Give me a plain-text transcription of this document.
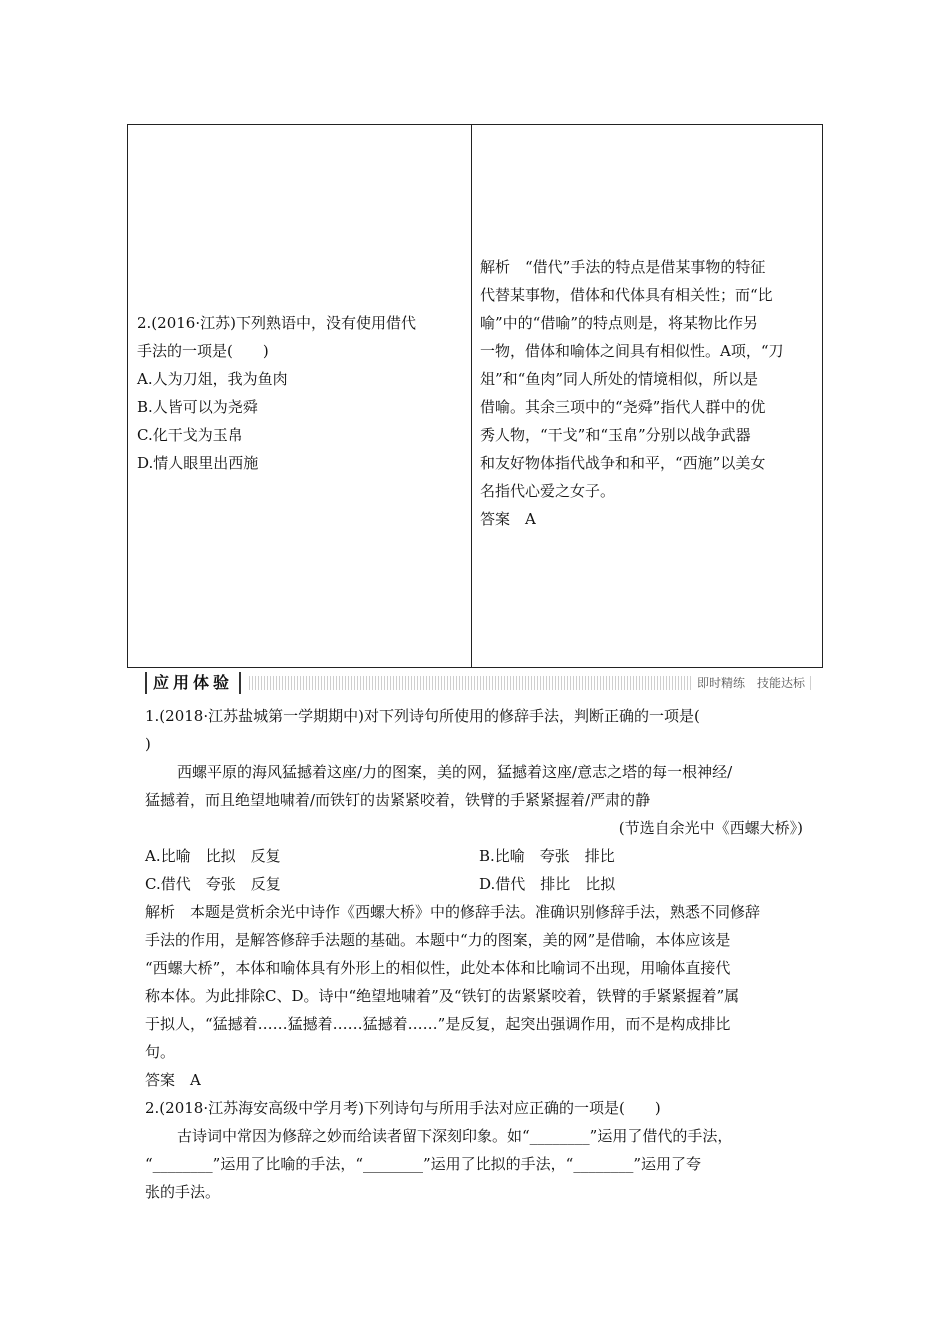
2.(2016·江苏)下列熟语中，没有使用借代
手法的一项是(　　)
A.人为刀俎，我为鱼肉
B.人皆可以为尧舜
C.化干戈为玉帛
D.情人眼里出西施
解析　“借代”手法的特点是借某事物的特征
代替某事物，借体和代体具有相关性；而“比
喻”中的“借喻”的特点则是，将某物比作另
一物，借体和喻体之间具有相似性。A项，“刀
俎”和“鱼肉”同人所处的情境相似，所以是
借喻。其余三项中的“尧舜”指代人群中的优
秀人物，“干戈”和“玉帛”分别以战争武器
和友好物体指代战争和和平，“西施”以美女
名指代心爱之女子。
答案　A
应用体验	即时精练　技能达标
1.(2018·江苏盐城第一学期期中)对下列诗句所使用的修辞手法，判断正确的一项是(
)
西螺平原的海风猛撼着这座/力的图案，美的网，猛撼着这座/意志之塔的每一根神经/
猛撼着，而且绝望地啸着/而铁钉的齿紧紧咬着，铁臂的手紧紧握着/严肃的静
(节选自余光中《西螺大桥》)
A.比喻　比拟　反复	B.比喻　夸张　排比
C.借代　夸张　反复	D.借代　排比　比拟
解析　本题是赏析余光中诗作《西螺大桥》中的修辞手法。准确识别修辞手法，熟悉不同修辞
手法的作用，是解答修辞手法题的基础。本题中“力的图案，美的网”是借喻，本体应该是
“西螺大桥”，本体和喻体具有外形上的相似性，此处本体和比喻词不出现，用喻体直接代
称本体。为此排除C、D。诗中“绝望地啸着”及“铁钉的齿紧紧咬着，铁臂的手紧紧握着”属
于拟人，“猛撼着……猛撼着……猛撼着……”是反复，起突出强调作用，而不是构成排比
句。
答案　A
2.(2018·江苏海安高级中学月考)下列诗句与所用手法对应正确的一项是(　　)
古诗词中常因为修辞之妙而给读者留下深刻印象。如“________”运用了借代的手法，
“________”运用了比喻的手法，“________”运用了比拟的手法，“________”运用了夸
张的手法。
